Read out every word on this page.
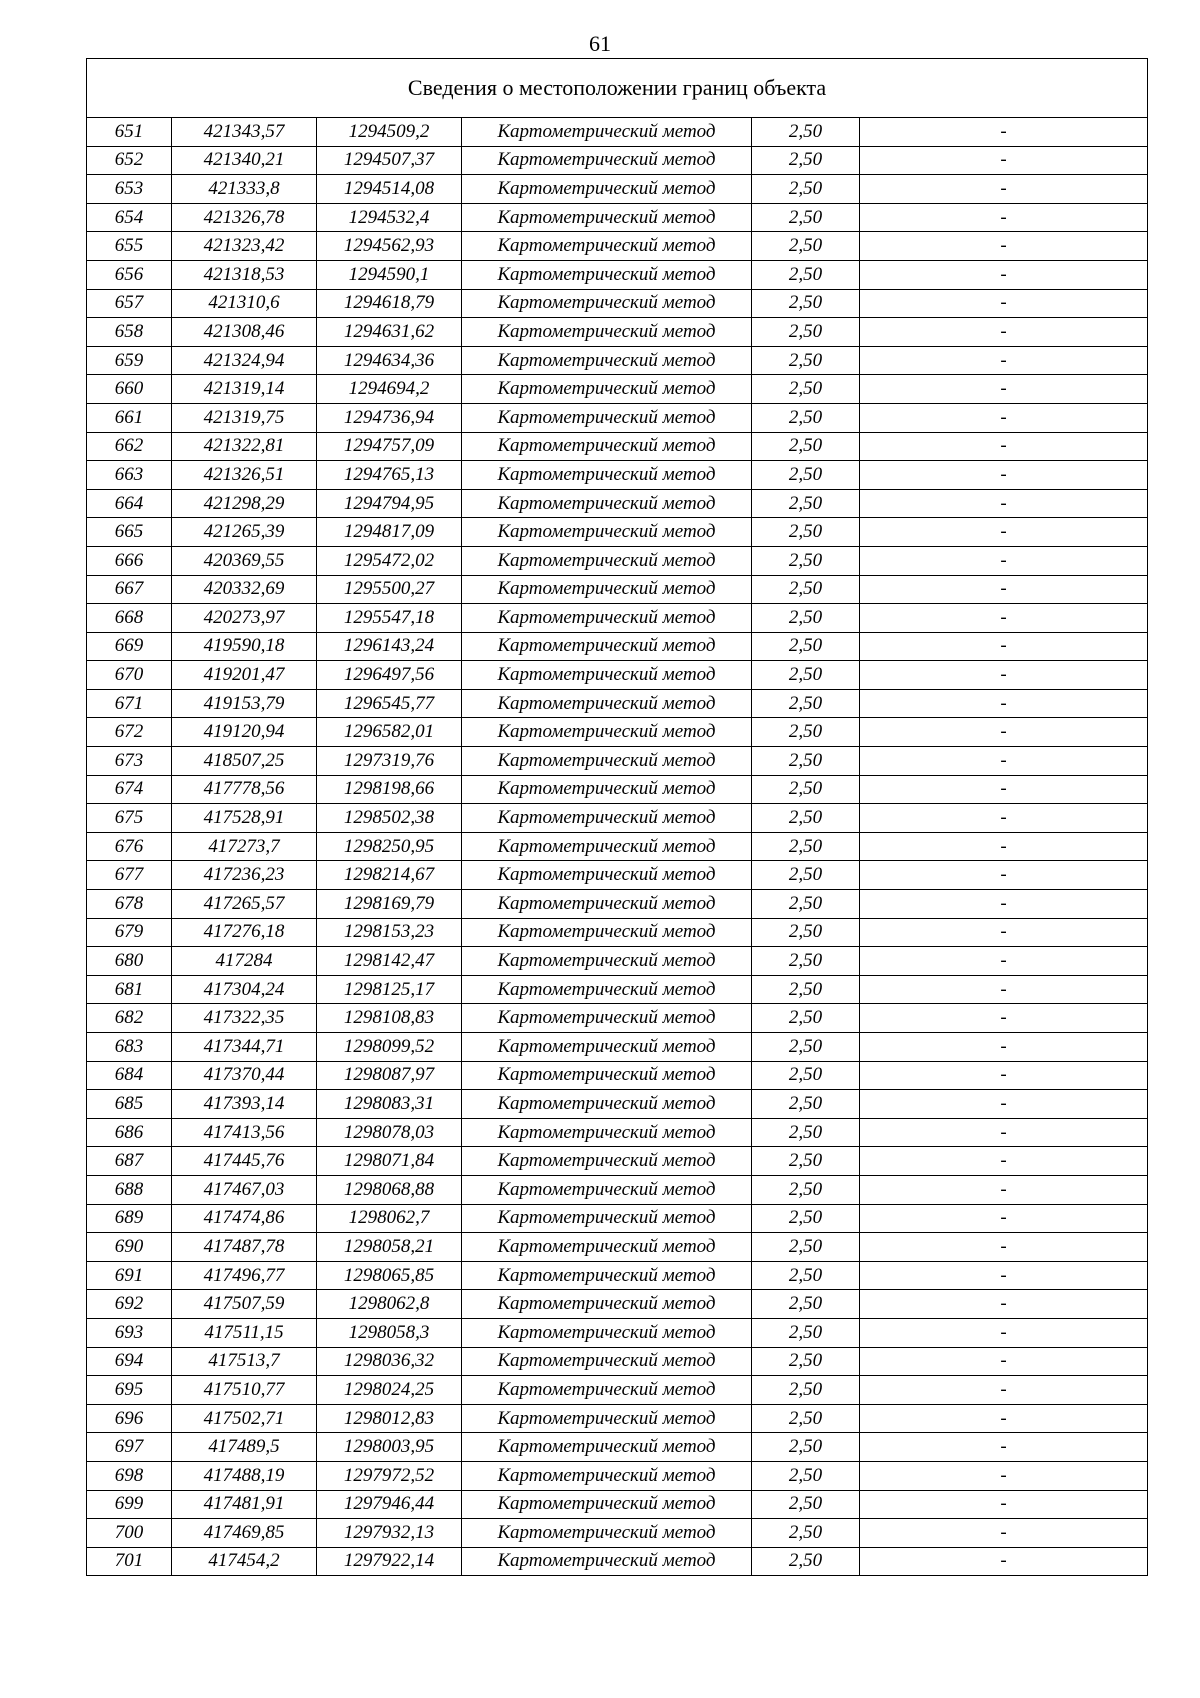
61
Сведения о местоположении границ объекта					
651	421343,57	1294509,2	Картометрический метод	2,50	-
652	421340,21	1294507,37	Картометрический метод	2,50	-
653	421333,8	1294514,08	Картометрический метод	2,50	-
654	421326,78	1294532,4	Картометрический метод	2,50	-
655	421323,42	1294562,93	Картометрический метод	2,50	-
656	421318,53	1294590,1	Картометрический метод	2,50	-
657	421310,6	1294618,79	Картометрический метод	2,50	-
658	421308,46	1294631,62	Картометрический метод	2,50	-
659	421324,94	1294634,36	Картометрический метод	2,50	-
660	421319,14	1294694,2	Картометрический метод	2,50	-
661	421319,75	1294736,94	Картометрический метод	2,50	-
662	421322,81	1294757,09	Картометрический метод	2,50	-
663	421326,51	1294765,13	Картометрический метод	2,50	-
664	421298,29	1294794,95	Картометрический метод	2,50	-
665	421265,39	1294817,09	Картометрический метод	2,50	-
666	420369,55	1295472,02	Картометрический метод	2,50	-
667	420332,69	1295500,27	Картометрический метод	2,50	-
668	420273,97	1295547,18	Картометрический метод	2,50	-
669	419590,18	1296143,24	Картометрический метод	2,50	-
670	419201,47	1296497,56	Картометрический метод	2,50	-
671	419153,79	1296545,77	Картометрический метод	2,50	-
672	419120,94	1296582,01	Картометрический метод	2,50	-
673	418507,25	1297319,76	Картометрический метод	2,50	-
674	417778,56	1298198,66	Картометрический метод	2,50	-
675	417528,91	1298502,38	Картометрический метод	2,50	-
676	417273,7	1298250,95	Картометрический метод	2,50	-
677	417236,23	1298214,67	Картометрический метод	2,50	-
678	417265,57	1298169,79	Картометрический метод	2,50	-
679	417276,18	1298153,23	Картометрический метод	2,50	-
680	417284	1298142,47	Картометрический метод	2,50	-
681	417304,24	1298125,17	Картометрический метод	2,50	-
682	417322,35	1298108,83	Картометрический метод	2,50	-
683	417344,71	1298099,52	Картометрический метод	2,50	-
684	417370,44	1298087,97	Картометрический метод	2,50	-
685	417393,14	1298083,31	Картометрический метод	2,50	-
686	417413,56	1298078,03	Картометрический метод	2,50	-
687	417445,76	1298071,84	Картометрический метод	2,50	-
688	417467,03	1298068,88	Картометрический метод	2,50	-
689	417474,86	1298062,7	Картометрический метод	2,50	-
690	417487,78	1298058,21	Картометрический метод	2,50	-
691	417496,77	1298065,85	Картометрический метод	2,50	-
692	417507,59	1298062,8	Картометрический метод	2,50	-
693	417511,15	1298058,3	Картометрический метод	2,50	-
694	417513,7	1298036,32	Картометрический метод	2,50	-
695	417510,77	1298024,25	Картометрический метод	2,50	-
696	417502,71	1298012,83	Картометрический метод	2,50	-
697	417489,5	1298003,95	Картометрический метод	2,50	-
698	417488,19	1297972,52	Картометрический метод	2,50	-
699	417481,91	1297946,44	Картометрический метод	2,50	-
700	417469,85	1297932,13	Картометрический метод	2,50	-
701	417454,2	1297922,14	Картометрический метод	2,50	-
